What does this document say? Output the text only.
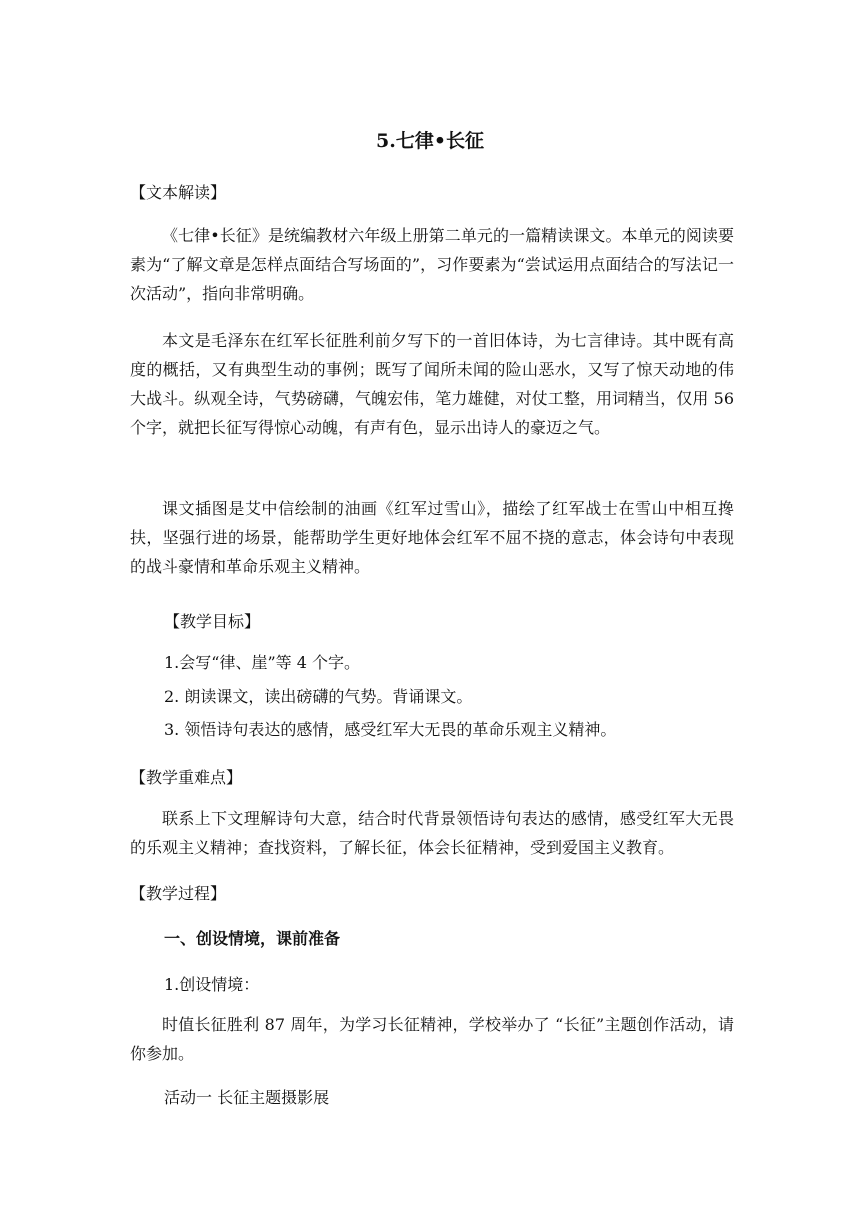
5.七律•长征

【文本解读】

《七律•长征》是统编教材六年级上册第二单元的一篇精读课文。本单元的阅读要素为“了解文章是怎样点面结合写场面的”，习作要素为“尝试运用点面结合的写法记一次活动”，指向非常明确。

本文是毛泽东在红军长征胜利前夕写下的一首旧体诗，为七言律诗。其中既有高度的概括，又有典型生动的事例；既写了闻所未闻的险山恶水，又写了惊天动地的伟大战斗。纵观全诗，气势磅礴，气魄宏伟，笔力雄健，对仗工整，用词精当，仅用 56 个字，就把长征写得惊心动魄，有声有色，显示出诗人的豪迈之气。

课文插图是艾中信绘制的油画《红军过雪山》，描绘了红军战士在雪山中相互搀扶，坚强行进的场景，能帮助学生更好地体会红军不屈不挠的意志，体会诗句中表现的战斗豪情和革命乐观主义精神。

【教学目标】

1.会写“律、崖”等 4 个字。

2. 朗读课文，读出磅礴的气势。背诵课文。

3. 领悟诗句表达的感情，感受红军大无畏的革命乐观主义精神。

【教学重难点】

联系上下文理解诗句大意，结合时代背景领悟诗句表达的感情，感受红军大无畏的乐观主义精神；查找资料，了解长征，体会长征精神，受到爱国主义教育。

【教学过程】

一、创设情境，课前准备

1.创设情境：

时值长征胜利 87 周年，为学习长征精神，学校举办了 “长征”主题创作活动，请你参加。

活动一 长征主题摄影展
